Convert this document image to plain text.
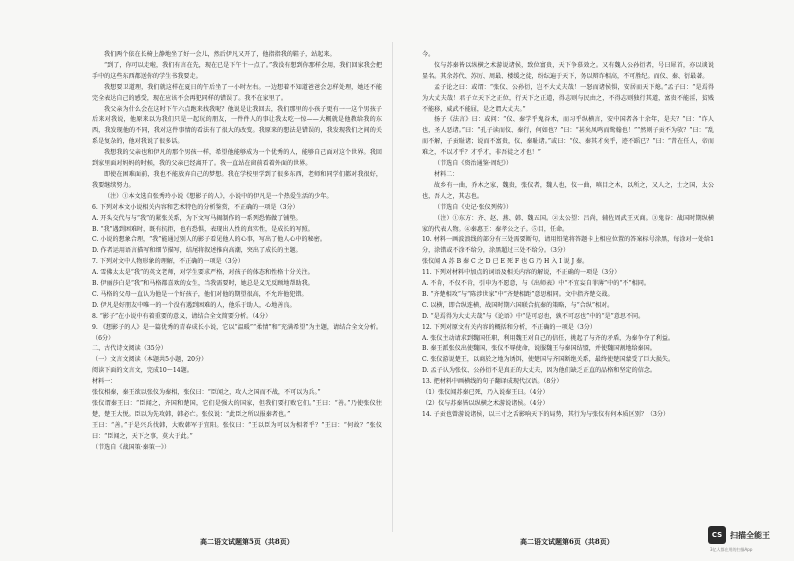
我们两个依在长椅上静地坐了好一会儿，然后伊凡又开了，他指指我的鞋子，站起来。

“到了，你可以走啦，我们有言在先，现在已是下午十一点了。”我没有想到你那样会用，我们回家我会把手中的这些东西都送你的学生书我要走。

我想要卫道理，我们就这样在夏日的午后坐了一小时左右。一边想着不知道爸爸会怎样处理，她还不能完全表达自己的感受，现在应该不会再犯同样的错误了。我不在家里了。

我父亲为什么会在这时下午六点跑来找我呢？他说是让我回去，我们那里的小孩子更有一一这个男孩子后来对我说，他原来以为我们只是一起玩的朋友，一件件人的事让我太吃一惊——大概就是他教给我的东西，我发现他的不同，我对这件事情的看法有了很大的改变。我原来的想法是错误的，我发现我们之间的关系是复杂的，他对我说了很多话。

我想我的父亲也和伊凡的那个男孩一样，希望他能够成为一个优秀的人，能够自己面对这个世界。我回到家里面对妈妈的时候，我的父亲已经离开了。我一直站在窗前看着外面的世界。

即使在困难面前，我也不能放弃自己的梦想。我在学校里学到了很多东西，老师和同学们都对我很好，我要继续努力。

（注）①本文选自张秀玲小说《想影子的人》，小说中的伊凡是一个热爱生活的少年。

6. 下列对本文小说相关内容和艺术特色的分析鉴赏，不正确的一项是（3分）

A. 开头交代与与“我”的紧张关系，为下文写马揭制作的一系列恐怖做了铺垫。

B. “我”遇到困难时，既有抗拒，也有恐惧，表现出人性的真实性，是成长的写照。

C. 小说的想象合理，“我”能通过别人的影子看见他人的心事，写出了他人心中的秘密。

D. 作者运用语言描写和细节描写，结尾将叙述推向高潮，突出了成长的主题。

7. 下列对文中人物形象的理解，不正确的一项是（3分）

A. 雪佛太太是“我”的英文老师，对学生要求严格，对孩子的体态和性格十分关注。

B. 伊丽莎白是“我”和马格都喜欢的女生，当我需要时，她总是义无反顾地帮助我。

C. 马格的父母一直认为他是一个好孩子，他们对他的期望很高，不允许他犯错。

D. 伊凡是好朋友中唯一的一个没有遇到困难的人，他乐于助人，心地善良。

8. “影子”在小说中有着重要的意义，请结合全文简要分析。（4分）

9. 《想影子的人》是一篇优秀的青春成长小说，它以“温暖”“柔情”和“充满希望”为主题，请结合全文分析。（6分）

二、古代诗文阅读（35分）

（一）文言文阅读（本题共5小题，20分）

阅读下面的文言文，完成10～14题。

材料一：

张仪相秦，秦王欲以张仪为秦相，张仪曰：“臣闻之，攻人之国而不战，不可以为兵。”

张仪谓秦王曰：“臣闻之，齐国和楚国，它们是强大的国家，但我们要打败它们。”王曰：“善。”乃使张仪往楚，楚王大悦。臣以为先攻韩，韩必亡。张仪说：“此臣之所以报秦者也。”

王曰：“善。”于是兴兵伐韩，大败韩军于宜阳。张仪曰：“王以臣为可以为相者乎？”王曰：“何故？”张仪曰：“臣闻之，天下之事，莫大于此。”

（节选自《战国策·秦策一》）

高二语文试题第5页（共8页）

今。

仪与苏秦皆以纵横之术游说诸侯，致位富贵，天下争慕效之。又有魏人公孙衍者，号曰犀首，亦以谈说显名。其余苏代、苏厉、周最、楼缓之徒，纷纭遍于天下，务以辩诈相高，不可胜纪。而仪、秦、衍最著。

孟子论之曰：或谓：“张仪、公孙衍，岂不大丈夫哉！一怒而诸侯惧，安居而天下熄。”孟子曰：“是焉得为大丈夫哉！君子立天下之正位，行天下之正道，得志则与民由之，不得志则独行其道，富贵不能淫，贫贱不能移，威武不能屈，是之谓大丈夫。”

扬子《法言》曰：或问：“仪、秦学乎鬼谷术，而习乎纵横言，安中国者各十余年，是夫？”曰：“诈人也，圣人恶诸。”曰：“孔子读而仪、秦行，何如也？”曰：“甚矣凤鸣而鸷翰也！”“然则子贡不为欤？”曰：“乱而不解，子贡耻诸；说而不富贵，仪、秦耻诸。”或曰：“仪、秦其才矣乎，迹不蹈已？”曰：“昔在任人，帝而难之，不以才乎？才乎才，非吾徒之才也！”

（节选自《资治通鉴·周纪》）

材料二：

故乡有一曲，乔木之家，魏贵，张仪者，魏人也，仪一曲，嗔目之木，以所之，又人之，士之国，太公也，吾人之，其志也。

（节选自《史记·张仪列传》）

（注）①东方：齐、赵、燕、韩、魏五国。②太公望：吕尚，辅佐周武王灭商。③鬼谷：战国时期纵横家的代表人物。④秦惠王：秦孝公之子。⑤目，任命。

10. 材料一画波浪线的部分有三处需要断句，请用铅笔将答题卡上相应位置的答案标号涂黑，每涂对一处给1分，涂错或不涂不给分，涂黑超过三处不给分。（3分）

张仪闻 A 苏 B 秦 C 之 D 已 E 死 F 也 G 乃 H 入 I 说 J 秦。

11. 下列对材料中加点的词语及相关内容的解说，不正确的一项是（3分）

A. 不肯，不仅不肯，引申为不愿意，与《出师表》中“不宜妄自菲薄”中的“不”相同。

B. “齐楚相攻”与“陈涉世家”中“齐楚相距”意思相同。文中指齐楚交战。

C. 以横，即合纵连横，战国时期六国联合抗秦的策略，与“合纵”相对。

D. “是焉得为大丈夫哉”与《论语》中“是可忍也，孰不可忍也”中的“是”意思不同。

12. 下列对原文有关内容的概括和分析，不正确的一项是（3分）

A. 张仪主动请求到魏国任职，利用魏王对自己的信任，挑起了与齐的矛盾，为秦争夺了利益。

B. 秦王派张仪出使魏国，张仪不辱使命，说服魏王与秦国结盟，并使魏国割地给秦国。

C. 张仪游说楚王，以商於之地为诱饵，使楚国与齐国断绝关系，最终使楚国蒙受了巨大损失。

D. 孟子认为张仪、公孙衍不是真正的大丈夫，因为他们缺乏正直的品格和坚定的信念。

13. 把材料中画横线的句子翻译成现代汉语。（8分）

（1）张仪闻苏秦已死，乃入说秦王曰。（4分）

（2）仪与苏秦皆以纵横之术游说诸侯。（4分）

14. 子贡也曾游说诸侯，以三寸之舌影响天下的局势，其行为与张仪有何本质区别？（3分）

高二语文试题第6页（共8页）
CS 扫描全能王
3亿人都在用的扫描App
